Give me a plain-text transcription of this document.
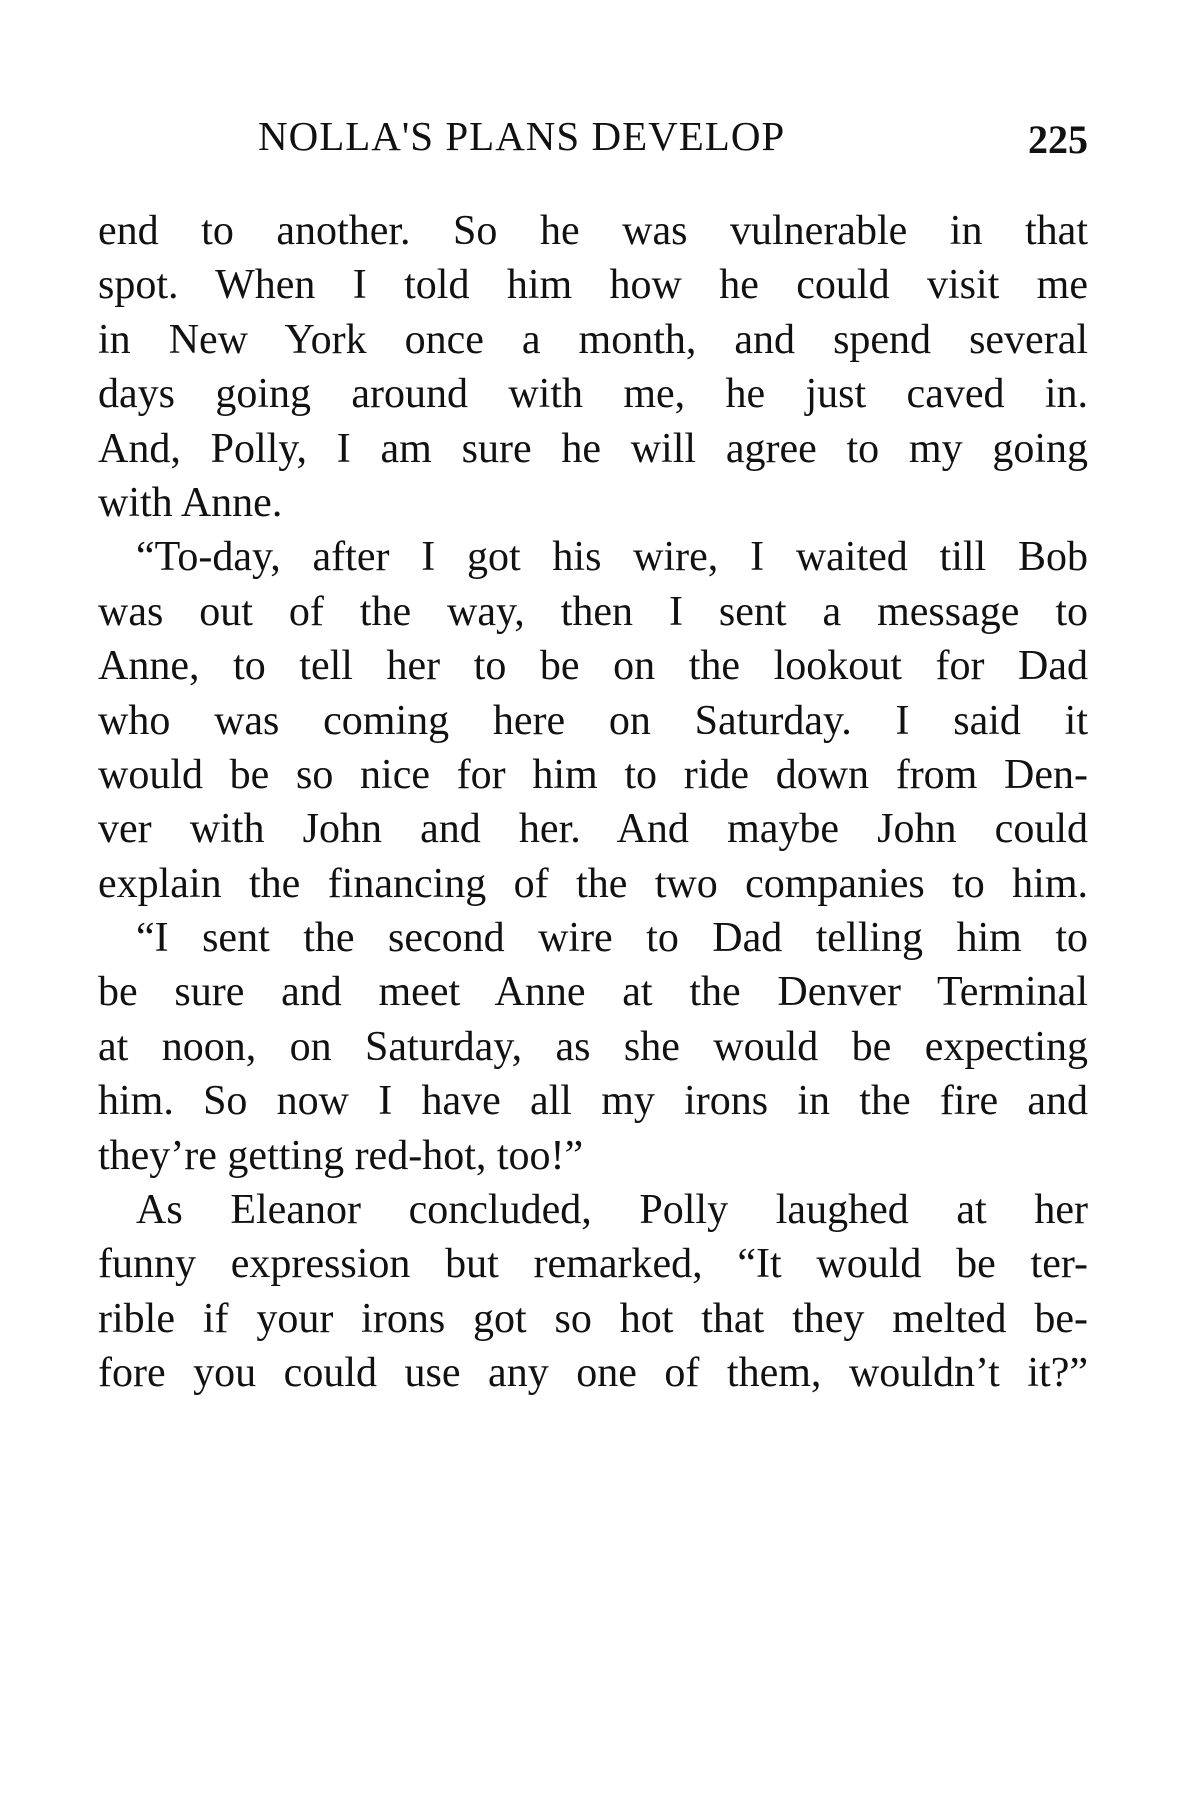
NOLLA'S PLANS DEVELOP	225
end to another. So he was vulnerable in that
spot. When I told him how he could visit me
in New York once a month, and spend several
days going around with me, he just caved in.
And, Polly, I am sure he will agree to my going
with Anne.
“To-day, after I got his wire, I waited till Bob
was out of the way, then I sent a message to
Anne, to tell her to be on the lookout for Dad
who was coming here on Saturday. I said it
would be so nice for him to ride down from Den-
ver with John and her. And maybe John could
explain the financing of the two companies to him.
“I sent the second wire to Dad telling him to
be sure and meet Anne at the Denver Terminal
at noon, on Saturday, as she would be expecting
him. So now I have all my irons in the fire and
they’re getting red-hot, too!”
As Eleanor concluded, Polly laughed at her
funny expression but remarked, “It would be ter-
rible if your irons got so hot that they melted be-
fore you could use any one of them, wouldn’t it?”
